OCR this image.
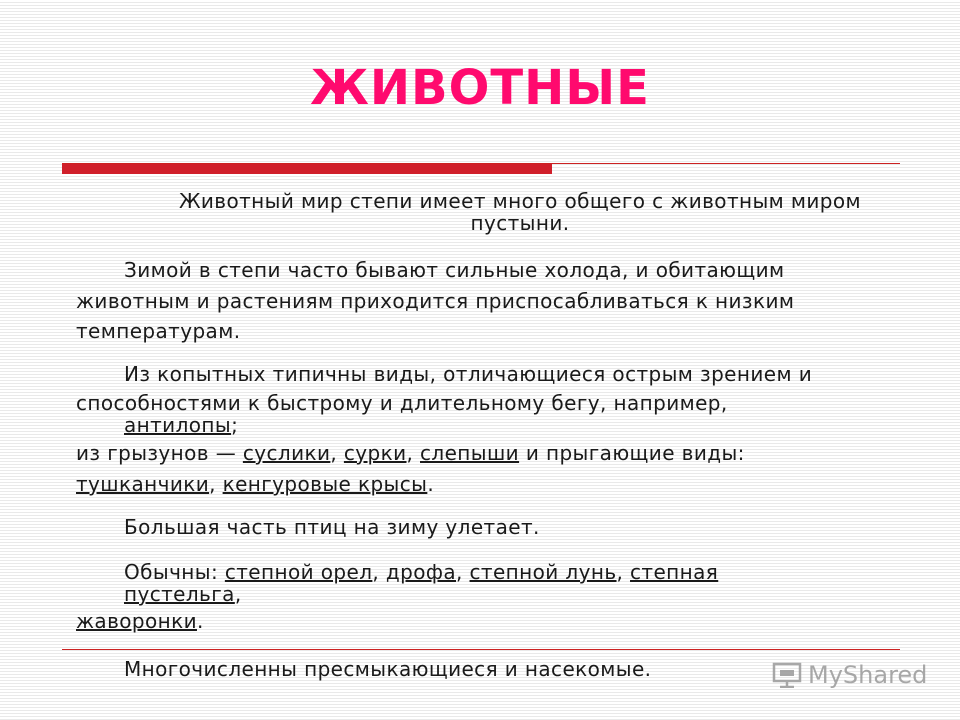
ЖИВОТНЫЕ
Животный мир степи имеет много общего с животным миром
пустыни.
Зимой в степи часто бывают сильные холода, и обитающим
животным и растениям приходится приспосабливаться к низким
температурам.
Из копытных типичны виды, отличающиеся острым зрением и
способностями к быстрому и длительному бегу, например,
антилопы;
из грызунов — суслики, сурки, слепыши и прыгающие виды:
тушканчики, кенгуровые крысы.
Большая часть птиц на зиму улетает.
Обычны: степной орел, дрофа, степной лунь, степная
пустельга,
жаворонки.
Многочисленны пресмыкающиеся и насекомые.	MyShared
